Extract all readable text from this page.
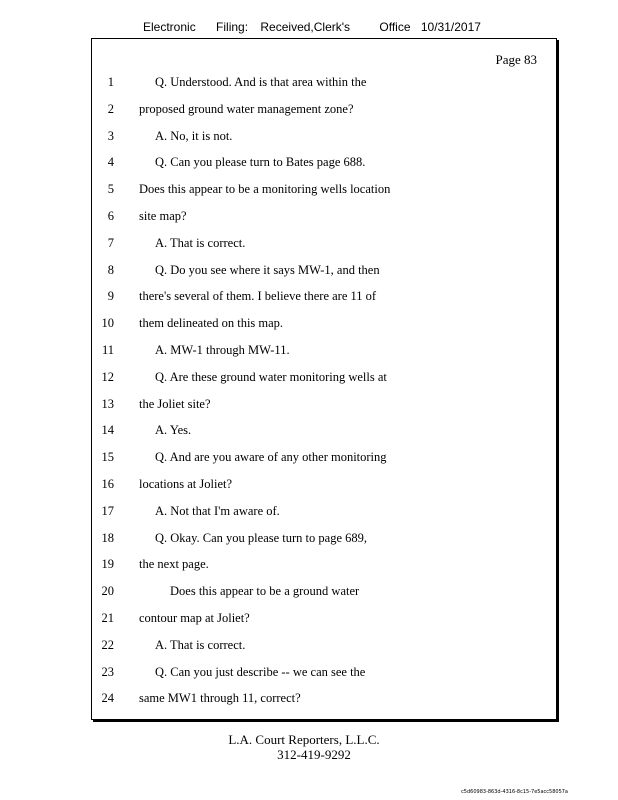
Electronic Filing: Received,Clerk's Office 10/31/2017
Page 83
1	Q. Understood. And is that area within the
2 proposed ground water management zone?
3	A. No, it is not.
4	Q. Can you please turn to Bates page 688.
5 Does this appear to be a monitoring wells location
6 site map?
7	A. That is correct.
8	Q. Do you see where it says MW-1, and then
9 there's several of them. I believe there are 11 of
10 them delineated on this map.
11	A. MW-1 through MW-11.
12	Q. Are these ground water monitoring wells at
13 the Joliet site?
14	A. Yes.
15	Q. And are you aware of any other monitoring
16 locations at Joliet?
17	A. Not that I'm aware of.
18	Q. Okay. Can you please turn to page 689,
19 the next page.
20	Does this appear to be a ground water
21 contour map at Joliet?
22	A. That is correct.
23	Q. Can you just describe -- we can see the
24 same MW1 through 11, correct?
L.A. Court Reporters, L.L.C.
312-419-9292
c5d60983-863d-4316-8c15-7e5acc58057a
